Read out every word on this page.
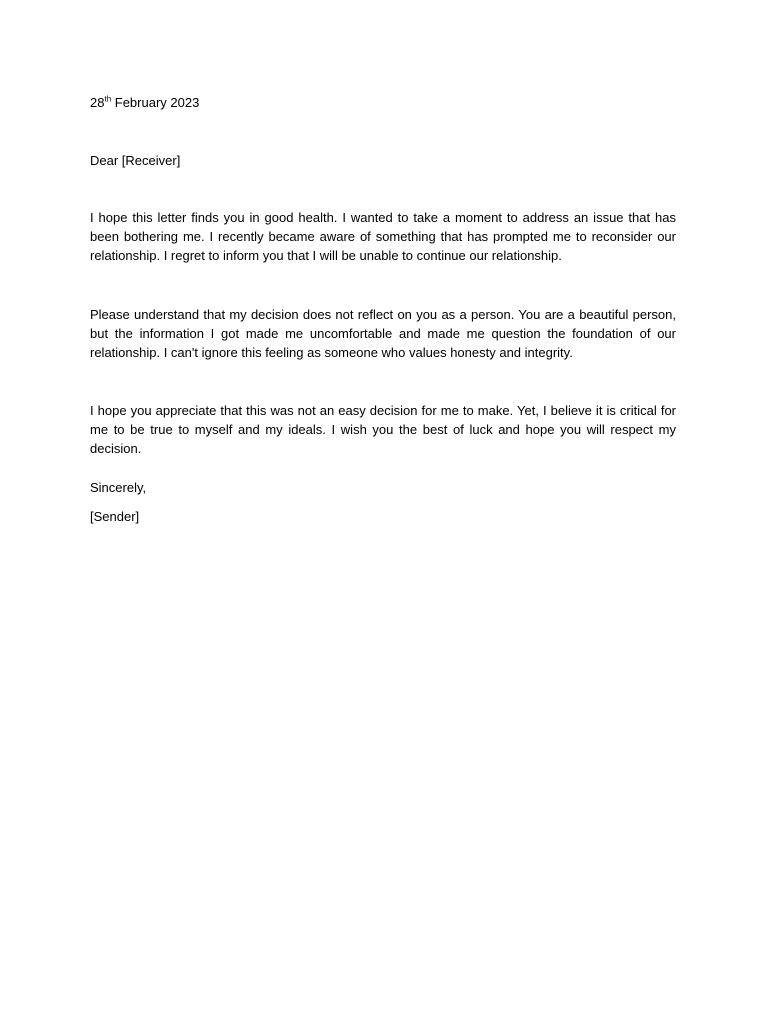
28th February 2023

Dear [Receiver]

I hope this letter finds you in good health. I wanted to take a moment to address an issue that has been bothering me. I recently became aware of something that has prompted me to reconsider our relationship. I regret to inform you that I will be unable to continue our relationship.

Please understand that my decision does not reflect on you as a person. You are a beautiful person, but the information I got made me uncomfortable and made me question the foundation of our relationship. I can't ignore this feeling as someone who values honesty and integrity.

I hope you appreciate that this was not an easy decision for me to make. Yet, I believe it is critical for me to be true to myself and my ideals. I wish you the best of luck and hope you will respect my decision.

Sincerely,

[Sender]
